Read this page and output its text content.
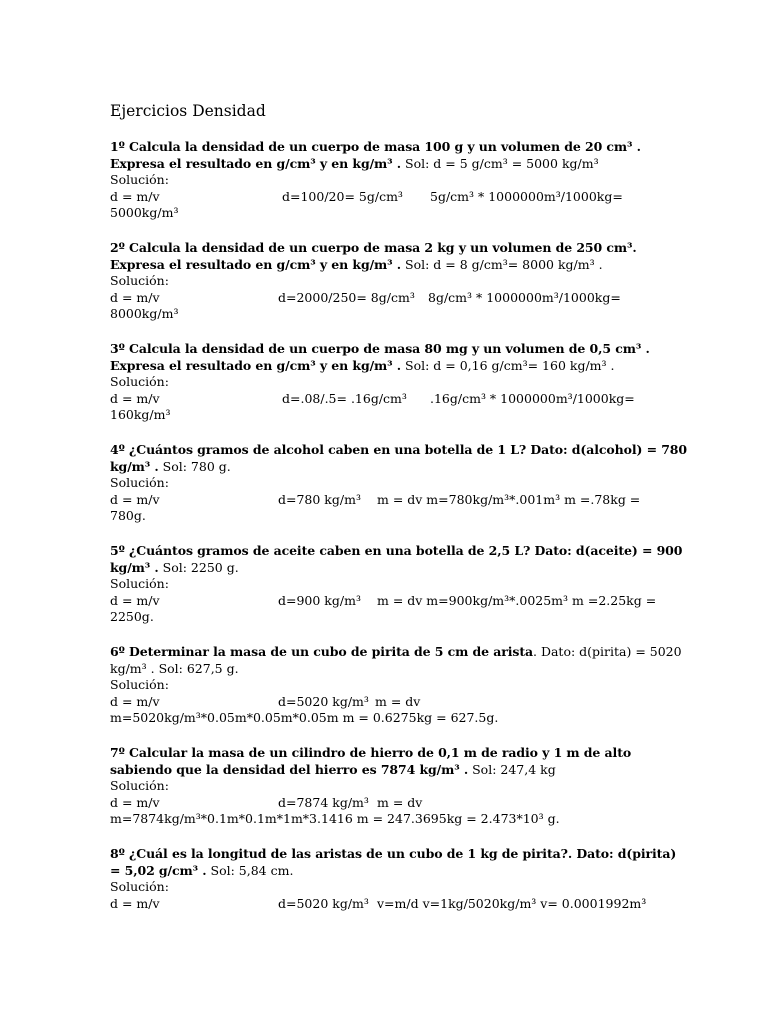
Ejercicios Densidad
1º Calcula la densidad de un cuerpo de masa 100 g y un volumen de 20 cm³ .
Expresa el resultado en g/cm³ y en kg/m³ . Sol: d = 5 g/cm³ = 5000 kg/m³
Solución:
d = m/v	d=100/20= 5g/cm³ 5g/cm³ * 1000000m³/1000kg=
5000kg/m³
2º Calcula la densidad de un cuerpo de masa 2 kg y un volumen de 250 cm³.
Expresa el resultado en g/cm³ y en kg/m³ . Sol: d = 8 g/cm³= 8000 kg/m³ .
Solución:
d = m/v	d=2000/250= 8g/cm³ 8g/cm³ * 1000000m³/1000kg=
8000kg/m³
3º Calcula la densidad de un cuerpo de masa 80 mg y un volumen de 0,5 cm³ .
Expresa el resultado en g/cm³ y en kg/m³ . Sol: d = 0,16 g/cm³= 160 kg/m³ .
Solución:
d = m/v	d=.08/.5= .16g/cm³ .16g/cm³ * 1000000m³/1000kg=
160kg/m³
4º ¿Cuántos gramos de alcohol caben en una botella de 1 L? Dato: d(alcohol) = 780
kg/m³ . Sol: 780 g.
Solución:
d = m/v	d=780 kg/m³ m = dv m=780kg/m³*.001m³ m =.78kg =
780g.
5º ¿Cuántos gramos de aceite caben en una botella de 2,5 L? Dato: d(aceite) = 900
kg/m³ . Sol: 2250 g.
Solución:
d = m/v	d=900 kg/m³ m = dv m=900kg/m³*.0025m³ m =2.25kg =
2250g.
6º Determinar la masa de un cubo de pirita de 5 cm de arista. Dato: d(pirita) = 5020
kg/m³ . Sol: 627,5 g.
Solución:
d = m/v	d=5020 kg/m³ m = dv
m=5020kg/m³*0.05m*0.05m*0.05m m = 0.6275kg = 627.5g.
7º Calcular la masa de un cilindro de hierro de 0,1 m de radio y 1 m de alto
sabiendo que la densidad del hierro es 7874 kg/m³ . Sol: 247,4 kg
Solución:
d = m/v	d=7874 kg/m³ m = dv
m=7874kg/m³*0.1m*0.1m*1m*3.1416 m = 247.3695kg = 2.473*10³ g.
8º ¿Cuál es la longitud de las aristas de un cubo de 1 kg de pirita?. Dato: d(pirita)
= 5,02 g/cm³ . Sol: 5,84 cm.
Solución:
d = m/v	d=5020 kg/m³ v=m/d v=1kg/5020kg/m³ v= 0.0001992m³
